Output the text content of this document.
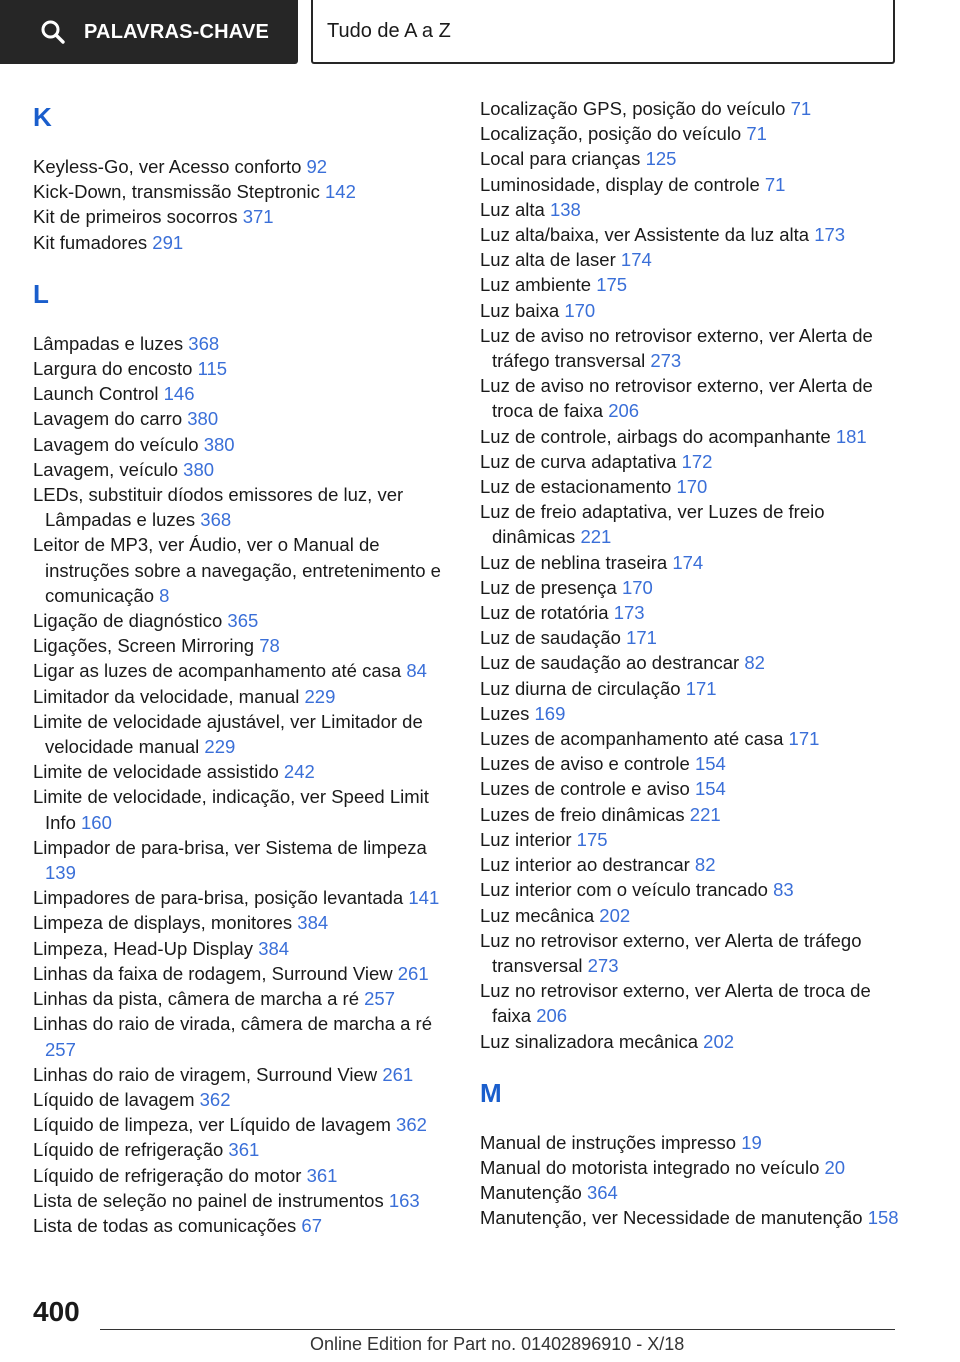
PALAVRAS-CHAVE	Tudo de A a Z
K
Keyless-Go, ver Acesso conforto 92
Kick-Down, transmissão Steptronic 142
Kit de primeiros socorros 371
Kit fumadores 291
L
Lâmpadas e luzes 368
Largura do encosto 115
Launch Control 146
Lavagem do carro 380
Lavagem do veículo 380
Lavagem, veículo 380
LEDs, substituir díodos emissores de luz, ver Lâmpadas e luzes 368
Leitor de MP3, ver Áudio, ver o Manual de instruções sobre a navegação, entretenimento e comunicação 8
Ligação de diagnóstico 365
Ligações, Screen Mirroring 78
Ligar as luzes de acompanhamento até casa 84
Limitador da velocidade, manual 229
Limite de velocidade ajustável, ver Limitador de velocidade manual 229
Limite de velocidade assistido 242
Limite de velocidade, indicação, ver Speed Limit Info 160
Limpador de para-brisa, ver Sistema de limpeza 139
Limpadores de para-brisa, posição levantada 141
Limpeza de displays, monitores 384
Limpeza, Head-Up Display 384
Linhas da faixa de rodagem, Surround View 261
Linhas da pista, câmera de marcha a ré 257
Linhas do raio de virada, câmera de marcha a ré 257
Linhas do raio de viragem, Surround View 261
Líquido de lavagem 362
Líquido de limpeza, ver Líquido de lavagem 362
Líquido de refrigeração 361
Líquido de refrigeração do motor 361
Lista de seleção no painel de instrumentos 163
Lista de todas as comunicações 67
Localização GPS, posição do veículo 71
Localização, posição do veículo 71
Local para crianças 125
Luminosidade, display de controle 71
Luz alta 138
Luz alta/baixa, ver Assistente da luz alta 173
Luz alta de laser 174
Luz ambiente 175
Luz baixa 170
Luz de aviso no retrovisor externo, ver Alerta de tráfego transversal 273
Luz de aviso no retrovisor externo, ver Alerta de troca de faixa 206
Luz de controle, airbags do acompanhante 181
Luz de curva adaptativa 172
Luz de estacionamento 170
Luz de freio adaptativa, ver Luzes de freio dinâmicas 221
Luz de neblina traseira 174
Luz de presença 170
Luz de rotatória 173
Luz de saudação 171
Luz de saudação ao destrancar 82
Luz diurna de circulação 171
Luzes 169
Luzes de acompanhamento até casa 171
Luzes de aviso e controle 154
Luzes de controle e aviso 154
Luzes de freio dinâmicas 221
Luz interior 175
Luz interior ao destrancar 82
Luz interior com o veículo trancado 83
Luz mecânica 202
Luz no retrovisor externo, ver Alerta de tráfego transversal 273
Luz no retrovisor externo, ver Alerta de troca de faixa 206
Luz sinalizadora mecânica 202
M
Manual de instruções impresso 19
Manual do motorista integrado no veículo 20
Manutenção 364
Manutenção, ver Necessidade de manutenção 158
400
Online Edition for Part no. 01402896910 - X/18
